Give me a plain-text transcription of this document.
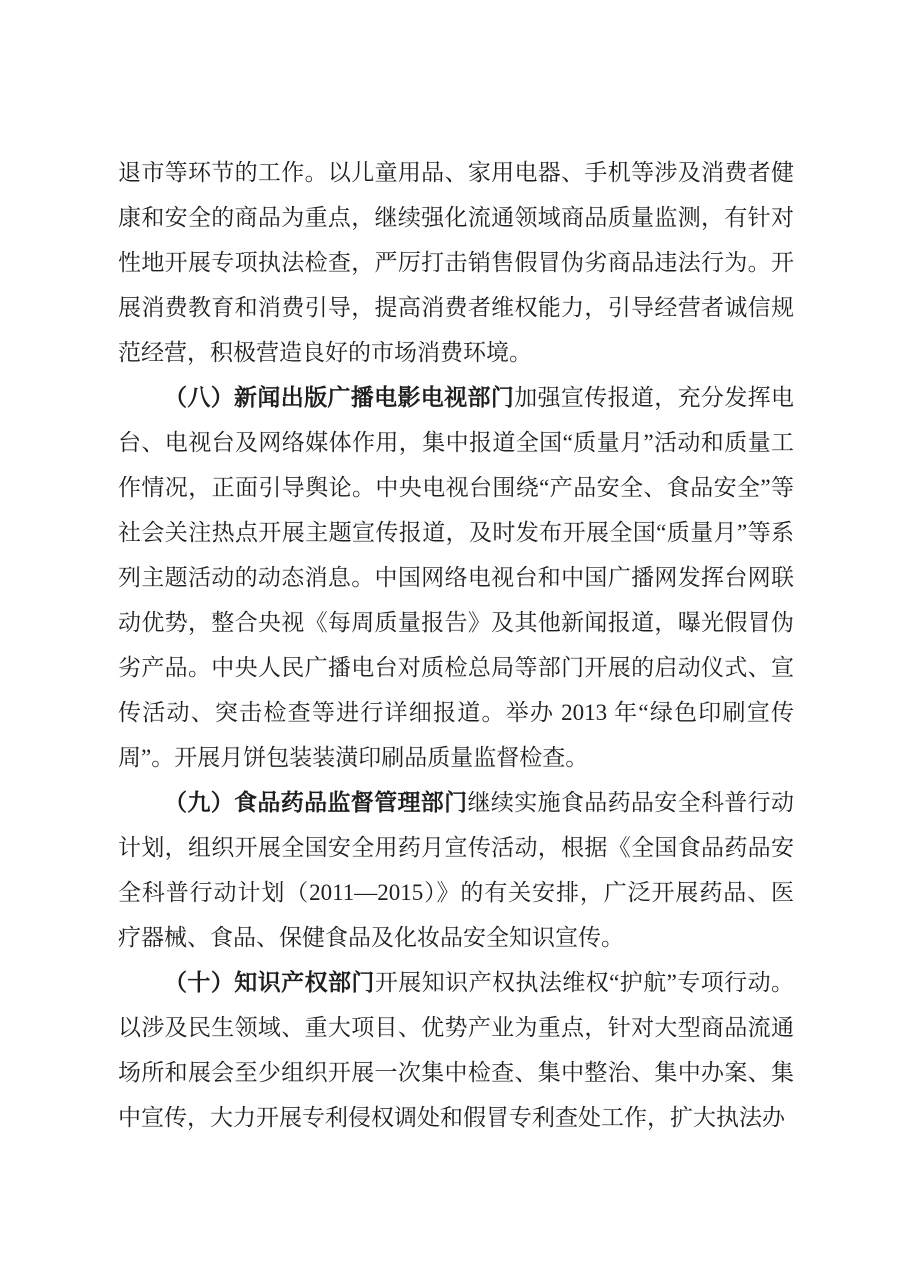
退市等环节的工作。以儿童用品、家用电器、手机等涉及消费者健康和安全的商品为重点，继续强化流通领域商品质量监测，有针对性地开展专项执法检查，严厉打击销售假冒伪劣商品违法行为。开展消费教育和消费引导，提高消费者维权能力，引导经营者诚信规范经营，积极营造良好的市场消费环境。

（八）新闻出版广播电影电视部门加强宣传报道，充分发挥电台、电视台及网络媒体作用，集中报道全国“质量月”活动和质量工作情况，正面引导舆论。中央电视台围绕“产品安全、食品安全”等社会关注热点开展主题宣传报道，及时发布开展全国“质量月”等系列主题活动的动态消息。中国网络电视台和中国广播网发挥台网联动优势，整合央视《每周质量报告》及其他新闻报道，曝光假冒伪劣产品。中央人民广播电台对质检总局等部门开展的启动仪式、宣传活动、突击检查等进行详细报道。举办 2013 年“绿色印刷宣传周”。开展月饼包装装潢印刷品质量监督检查。

（九）食品药品监督管理部门继续实施食品药品安全科普行动计划，组织开展全国安全用药月宣传活动，根据《全国食品药品安全科普行动计划（2011—2015）》的有关安排，广泛开展药品、医疗器械、食品、保健食品及化妆品安全知识宣传。

（十）知识产权部门开展知识产权执法维权“护航”专项行动。以涉及民生领域、重大项目、优势产业为重点，针对大型商品流通场所和展会至少组织开展一次集中检查、集中整治、集中办案、集中宣传，大力开展专利侵权调处和假冒专利查处工作，扩大执法办
